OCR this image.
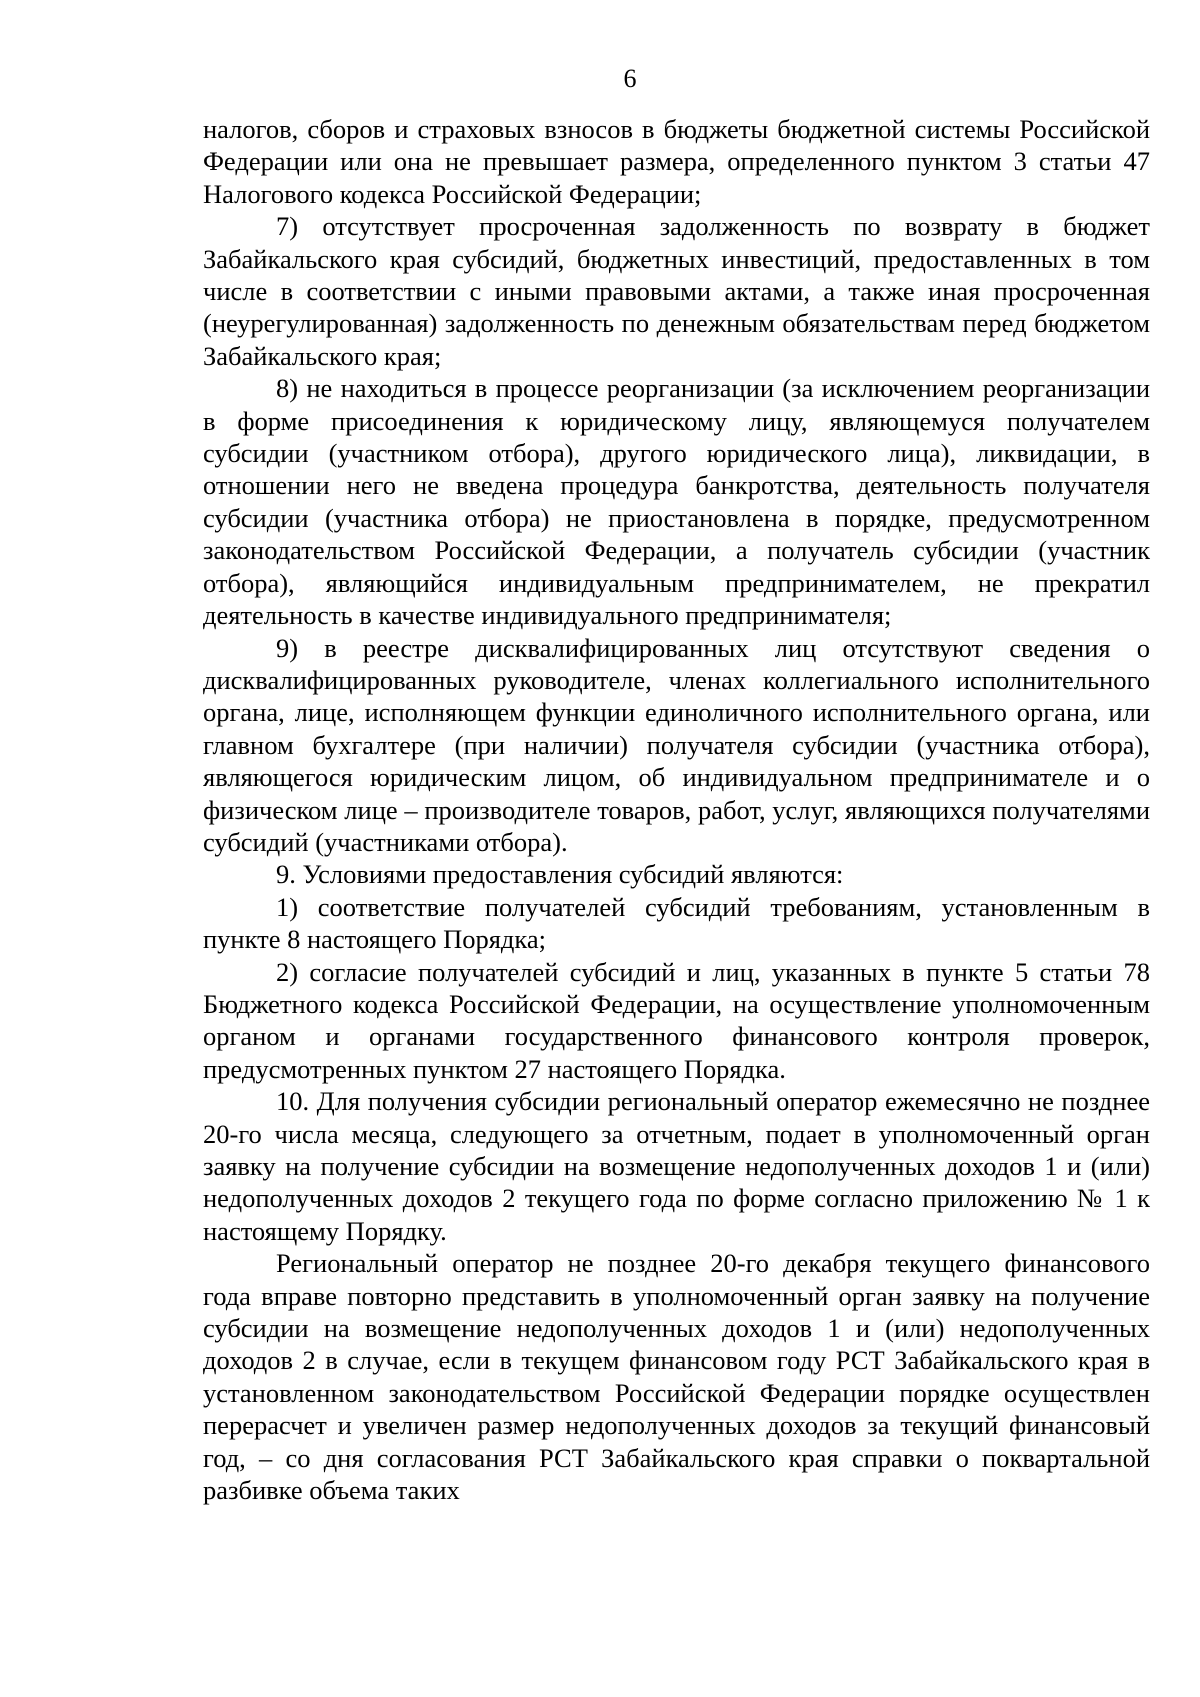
6

налогов, сборов и страховых взносов в бюджеты бюджетной системы Российской Федерации или она не превышает размера, определенного пунктом 3 статьи 47 Налогового кодекса Российской Федерации;

7) отсутствует просроченная задолженность по возврату в бюджет Забайкальского края субсидий, бюджетных инвестиций, предоставленных в том числе в соответствии с иными правовыми актами, а также иная просроченная (неурегулированная) задолженность по денежным обязательствам перед бюджетом Забайкальского края;

8) не находиться в процессе реорганизации (за исключением реорганизации в форме присоединения к юридическому лицу, являющемуся получателем субсидии (участником отбора), другого юридического лица), ликвидации, в отношении него не введена процедура банкротства, деятельность получателя субсидии (участника отбора) не приостановлена в порядке, предусмотренном законодательством Российской Федерации, а получатель субсидии (участник отбора), являющийся индивидуальным предпринимателем, не прекратил деятельность в качестве индивидуального предпринимателя;

9) в реестре дисквалифицированных лиц отсутствуют сведения о дисквалифицированных руководителе, членах коллегиального исполнительного органа, лице, исполняющем функции единоличного исполнительного органа, или главном бухгалтере (при наличии) получателя субсидии (участника отбора), являющегося юридическим лицом, об индивидуальном предпринимателе и о физическом лице – производителе товаров, работ, услуг, являющихся получателями субсидий (участниками отбора).

9. Условиями предоставления субсидий являются:

1) соответствие получателей субсидий требованиям, установленным в пункте 8 настоящего Порядка;

2) согласие получателей субсидий и лиц, указанных в пункте 5 статьи 78 Бюджетного кодекса Российской Федерации, на осуществление уполномоченным органом и органами государственного финансового контроля проверок, предусмотренных пунктом 27 настоящего Порядка.

10. Для получения субсидии региональный оператор ежемесячно не позднее 20-го числа месяца, следующего за отчетным, подает в уполномоченный орган заявку на получение субсидии на возмещение недополученных доходов 1 и (или) недополученных доходов 2 текущего года по форме согласно приложению № 1 к настоящему Порядку.

Региональный оператор не позднее 20-го декабря текущего финансового года вправе повторно представить в уполномоченный орган заявку на получение субсидии на возмещение недополученных доходов 1 и (или) недополученных доходов 2 в случае, если в текущем финансовом году РСТ Забайкальского края в установленном законодательством Российской Федерации порядке осуществлен перерасчет и увеличен размер недополученных доходов за текущий финансовый год, – со дня согласования РСТ Забайкальского края справки о поквартальной разбивке объема таких
